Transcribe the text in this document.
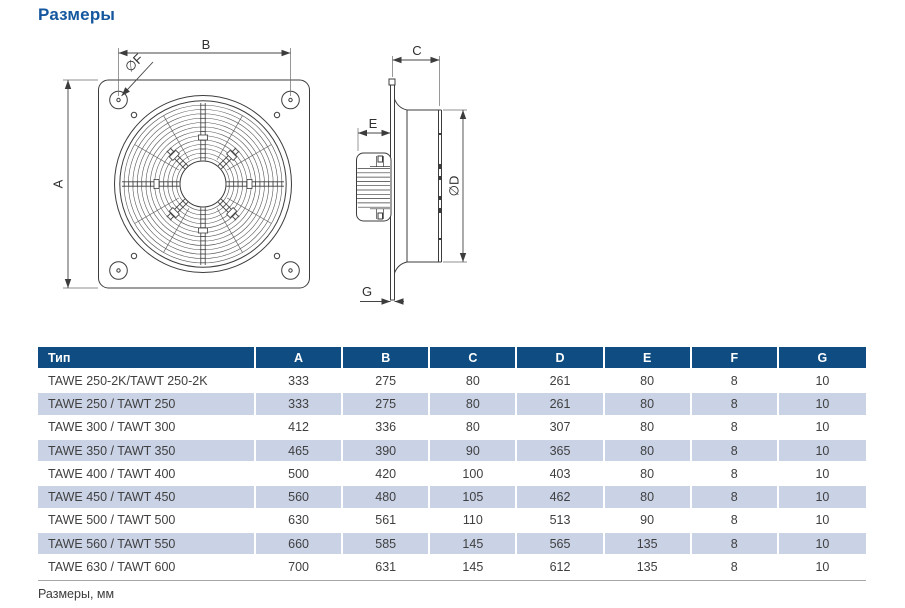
Размеры
A
B
∅F
C
E
∅D
G
Тип	A	B	C	D	E	F	G
TAWE 250-2K/TAWT 250-2K	333	275	80	261	80	8	10
TAWE 250 / TAWT 250	333	275	80	261	80	8	10
TAWE 300 / TAWT 300	412	336	80	307	80	8	10
TAWE 350 / TAWT 350	465	390	90	365	80	8	10
TAWE 400 / TAWT 400	500	420	100	403	80	8	10
TAWE 450 / TAWT 450	560	480	105	462	80	8	10
TAWE 500 / TAWT 500	630	561	110	513	90	8	10
TAWE 560 / TAWT 550	660	585	145	565	135	8	10
TAWE 630 / TAWT 600	700	631	145	612	135	8	10
Размеры, мм
